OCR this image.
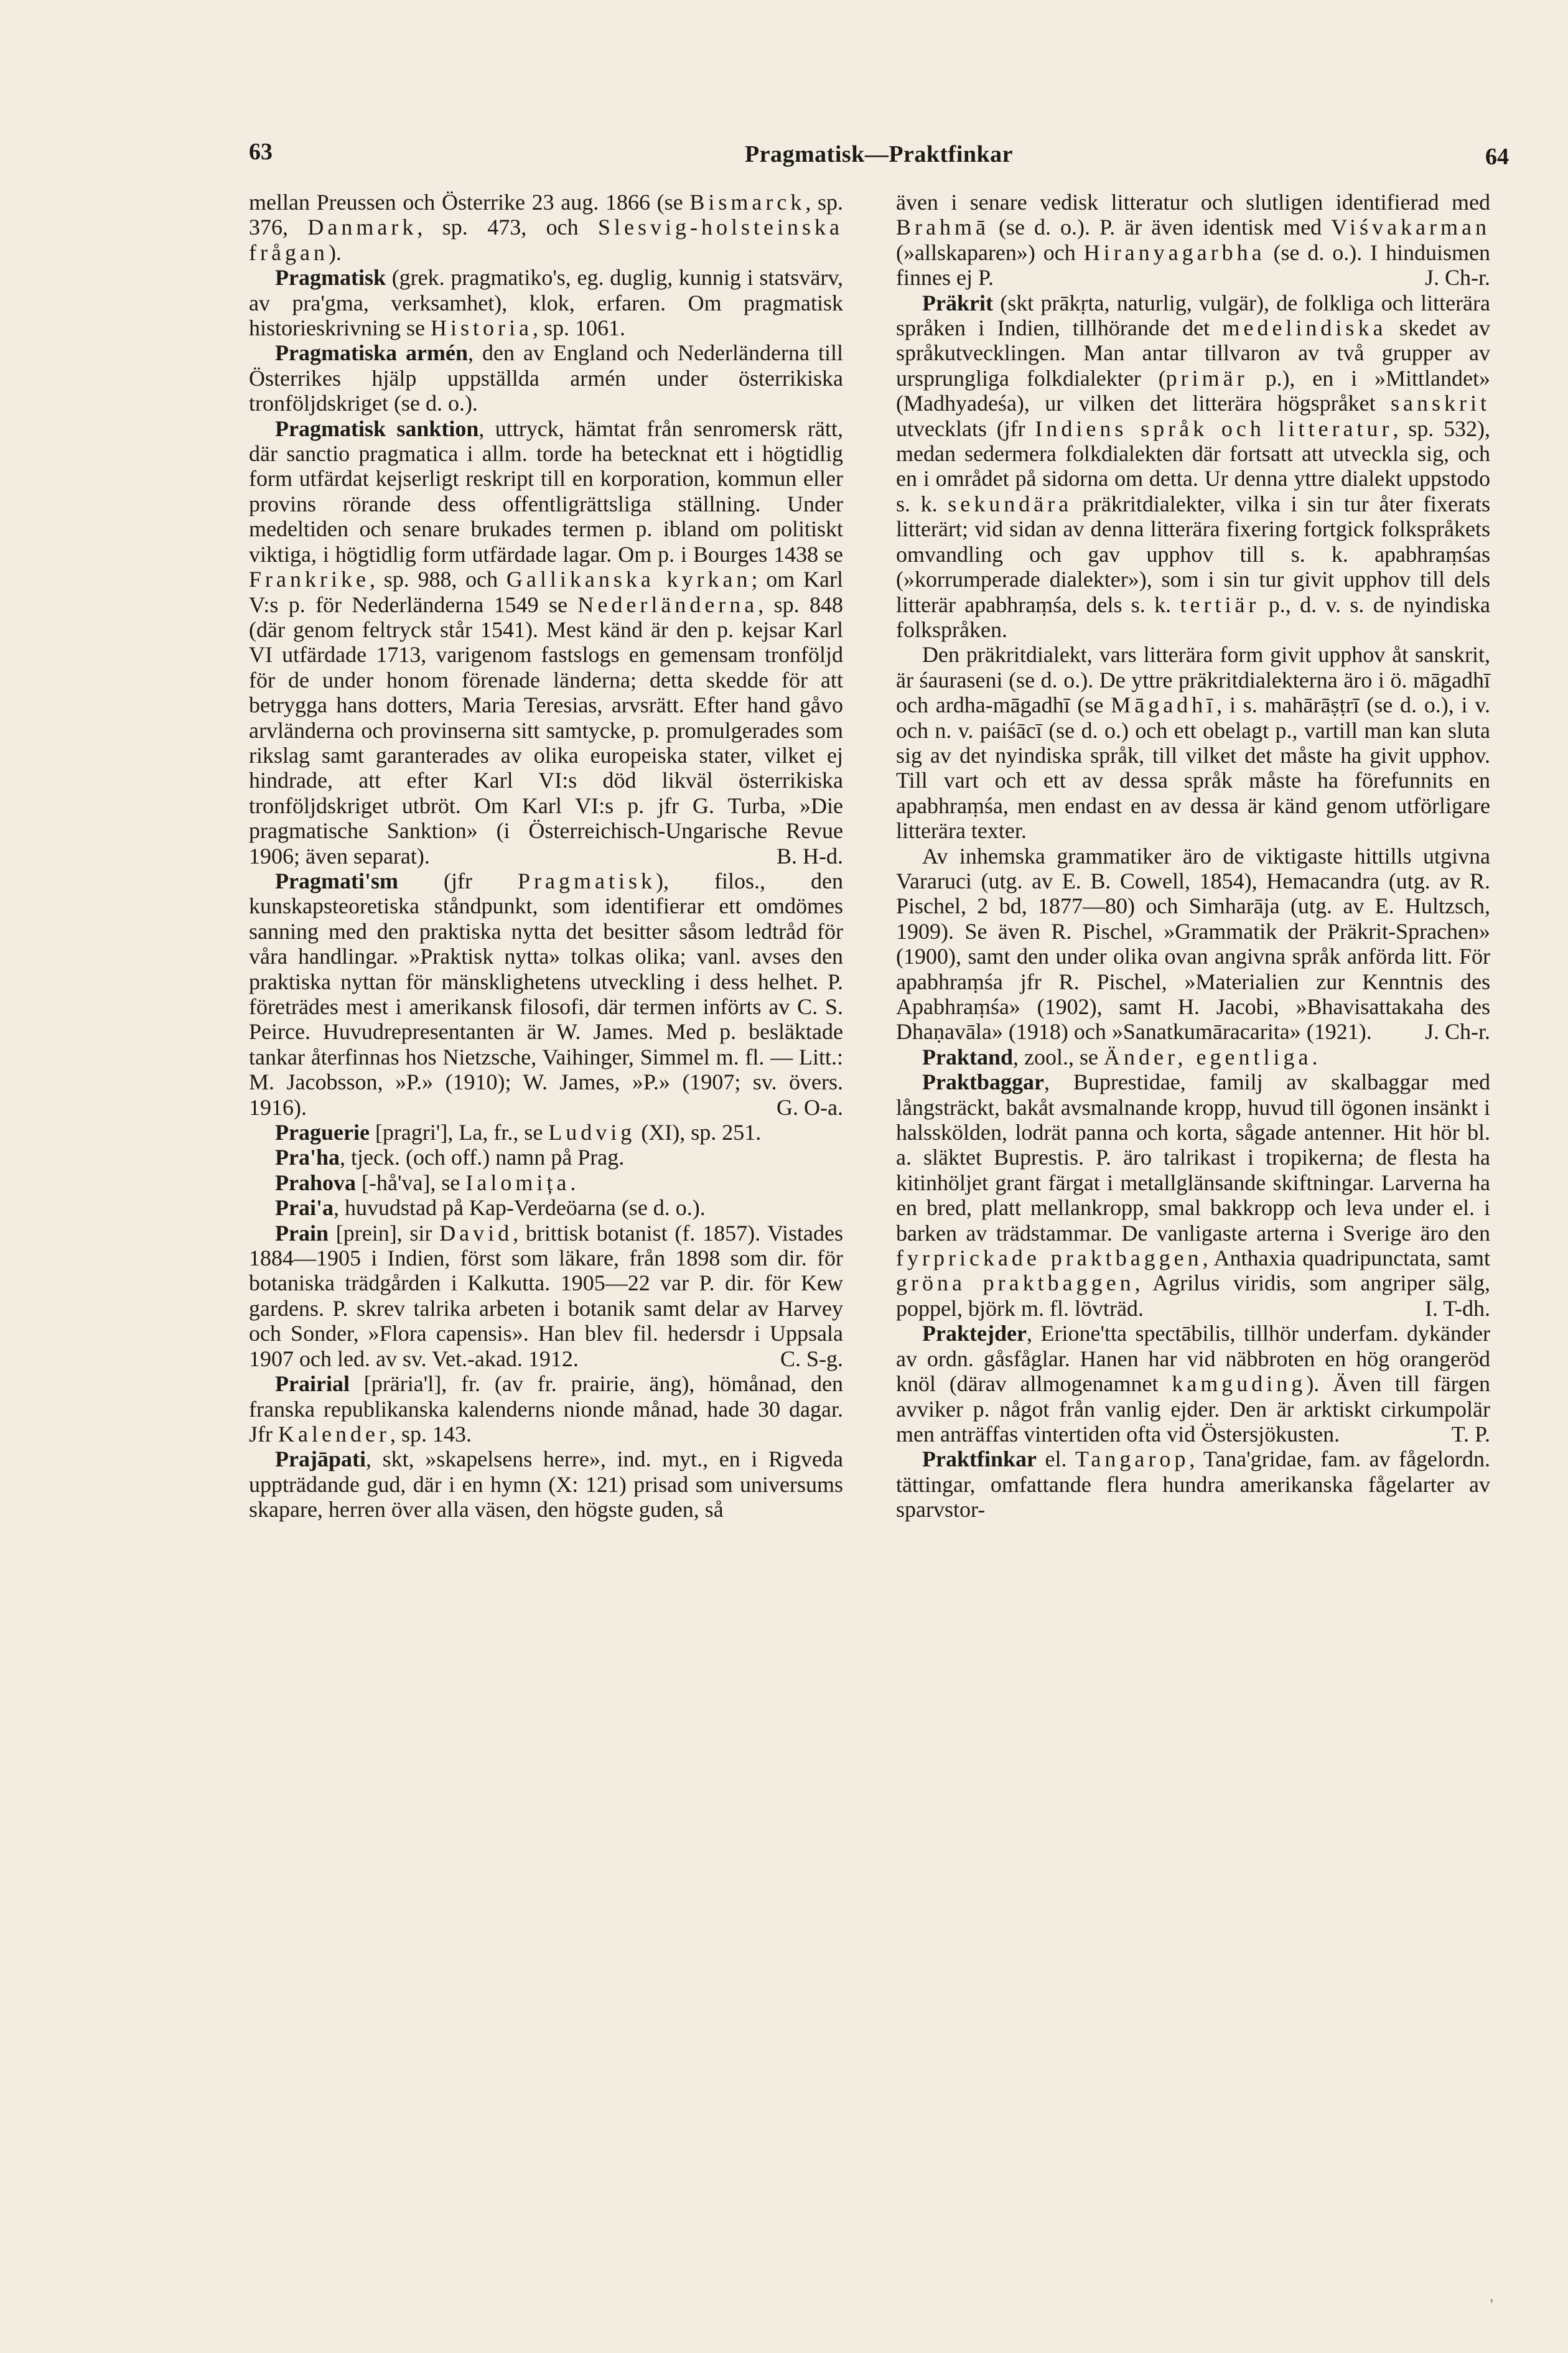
63	Pragmatisk—Praktfinkar	64

mellan Preussen och Österrike 23 aug. 1866 (se Bismarck, sp. 376, Danmark, sp. 473, och Slesvig-holsteinska frågan).

Pragmatisk (grek. pragmatiko's, eg. duglig, kunnig i statsvärv, av pra'gma, verksamhet), klok, erfaren. Om pragmatisk historieskrivning se Historia, sp. 1061.

Pragmatiska armén, den av England och Nederländerna till Österrikes hjälp uppställda armén under österrikiska tronföljdskriget (se d. o.).

Pragmatisk sanktion, uttryck, hämtat från senromersk rätt, där sanctio pragmatica i allm. torde ha betecknat ett i högtidlig form utfärdat kejserligt reskript till en korporation, kommun eller provins rörande dess offentligrättsliga ställning. Under medeltiden och senare brukades termen p. ibland om politiskt viktiga, i högtidlig form utfärdade lagar. Om p. i Bourges 1438 se Frankrike, sp. 988, och Gallikanska kyrkan; om Karl V:s p. för Nederländerna 1549 se Nederländerna, sp. 848 (där genom feltryck står 1541). Mest känd är den p. kejsar Karl VI utfärdade 1713, varigenom fastslogs en gemensam tronföljd för de under honom förenade länderna; detta skedde för att betrygga hans dotters, Maria Teresias, arvsrätt. Efter hand gåvo arvländerna och provinserna sitt samtycke, p. promulgerades som rikslag samt garanterades av olika europeiska stater, vilket ej hindrade, att efter Karl VI:s död likväl österrikiska tronföljdskriget utbröt. Om Karl VI:s p. jfr G. Turba, »Die pragmatische Sanktion» (i Österreichisch-Ungarische Revue 1906; även separat).	B. H-d.

Pragmati'sm (jfr Pragmatisk), filos., den kunskapsteoretiska ståndpunkt, som identifierar ett omdömes sanning med den praktiska nytta det besitter såsom ledtråd för våra handlingar. »Praktisk nytta» tolkas olika; vanl. avses den praktiska nyttan för mänsklighetens utveckling i dess helhet. P. företrädes mest i amerikansk filosofi, där termen införts av C. S. Peirce. Huvudrepresentanten är W. James. Med p. besläktade tankar återfinnas hos Nietzsche, Vaihinger, Simmel m. fl. — Litt.: M. Jacobsson, »P.» (1910); W. James, »P.» (1907; sv. övers. 1916).	G. O-a.

Praguerie [pragri'], La, fr., se Ludvig (XI), sp. 251.

Pra'ha, tjeck. (och off.) namn på Prag.

Prahova [-hå'va], se Ialomița.

Prai'a, huvudstad på Kap-Verdeöarna (se d. o.).

Prain [prein], sir David, brittisk botanist (f. 1857). Vistades 1884—1905 i Indien, först som läkare, från 1898 som dir. för botaniska trädgården i Kalkutta. 1905—22 var P. dir. för Kew gardens. P. skrev talrika arbeten i botanik samt delar av Harvey och Sonder, »Flora capensis». Han blev fil. hedersdr i Uppsala 1907 och led. av sv. Vet.-akad. 1912.	C. S-g.

Prairial [präria'l], fr. (av fr. prairie, äng), hömånad, den franska republikanska kalenderns nionde månad, hade 30 dagar. Jfr Kalender, sp. 143.

Prajāpati, skt, »skapelsens herre», ind. myt., en i Rigveda uppträdande gud, där i en hymn (X: 121) prisad som universums skapare, herren över alla väsen, den högste guden, så

även i senare vedisk litteratur och slutligen identifierad med Brahmā (se d. o.). P. är även identisk med Viśvakarman (»allskaparen») och Hiranyagarbha (se d. o.). I hinduismen finnes ej P.	J. Ch-r.

Präkrit (skt prākṛta, naturlig, vulgär), de folkliga och litterära språken i Indien, tillhörande det medelindiska skedet av språkutvecklingen. Man antar tillvaron av två grupper av ursprungliga folkdialekter (primär p.), en i »Mittlandet» (Madhyadeśa), ur vilken det litterära högspråket sanskrit utvecklats (jfr Indiens språk och litteratur, sp. 532), medan sedermera folkdialekten där fortsatt att utveckla sig, och en i området på sidorna om detta. Ur denna yttre dialekt uppstodo s. k. sekundära präkritdialekter, vilka i sin tur åter fixerats litterärt; vid sidan av denna litterära fixering fortgick folkspråkets omvandling och gav upphov till s. k. apabhraṃśas (»korrumperade dialekter»), som i sin tur givit upphov till dels litterär apabhraṃśa, dels s. k. tertiär p., d. v. s. de nyindiska folkspråken.

Den präkritdialekt, vars litterära form givit upphov åt sanskrit, är śauraseni (se d. o.). De yttre präkritdialekterna äro i ö. māgadhī och ardha-māgadhī (se Māgadhī, i s. mahārāṣṭrī (se d. o.), i v. och n. v. paiśācī (se d. o.) och ett obelagt p., vartill man kan sluta sig av det nyindiska språk, till vilket det måste ha givit upphov. Till vart och ett av dessa språk måste ha förefunnits en apabhraṃśa, men endast en av dessa är känd genom utförligare litterära texter.

Av inhemska grammatiker äro de viktigaste hittills utgivna Vararuci (utg. av E. B. Cowell, 1854), Hemacandra (utg. av R. Pischel, 2 bd, 1877—80) och Simharāja (utg. av E. Hultzsch, 1909). Se även R. Pischel, »Grammatik der Präkrit-Sprachen» (1900), samt den under olika ovan angivna språk anförda litt. För apabhraṃśa jfr R. Pischel, »Materialien zur Kenntnis des Apabhraṃśa» (1902), samt H. Jacobi, »Bhavisattakaha des Dhaṇavāla» (1918) och »Sanatkumāracarita» (1921).	J. Ch-r.

Praktand, zool., se Änder, egentliga.

Praktbaggar, Buprestidae, familj av skalbaggar med långsträckt, bakåt avsmalnande kropp, huvud till ögonen insänkt i halsskölden, lodrät panna och korta, sågade antenner. Hit hör bl. a. släktet Buprestis. P. äro talrikast i tropikerna; de flesta ha kitinhöljet grant färgat i metallglänsande skiftningar. Larverna ha en bred, platt mellankropp, smal bakkropp och leva under el. i barken av trädstammar. De vanligaste arterna i Sverige äro den fyrprickade praktbaggen, Anthaxia quadripunctata, samt gröna praktbaggen, Agrilus viridis, som angriper sälg, poppel, björk m. fl. lövträd.	I. T-dh.

Praktejder, Erione'tta spectābilis, tillhör underfam. dykänder av ordn. gåsfåglar. Hanen har vid näbbroten en hög orangeröd knöl (därav allmogenamnet kamguding). Även till färgen avviker p. något från vanlig ejder. Den är arktiskt cirkumpolär men anträffas vintertiden ofta vid Östersjökusten.	T. P.

Praktfinkar el. Tangarор, Tana'gridae, fam. av fågelordn. tättingar, omfattande flera hundra amerikanska fågelarter av sparvstor-

'
